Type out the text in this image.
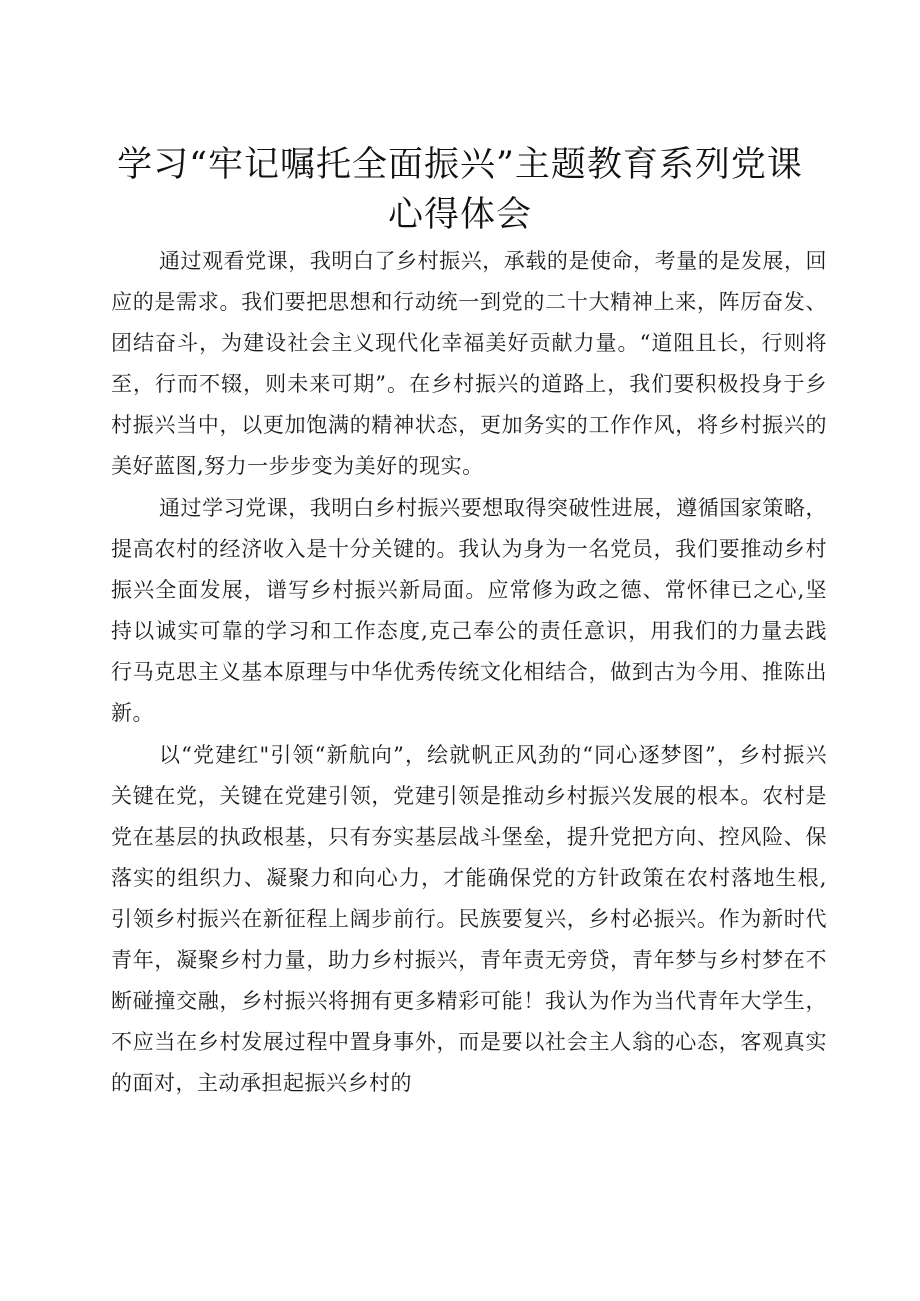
学习“牢记嘱托全面振兴”主题教育系列党课
心得体会

通过观看党课，我明白了乡村振兴，承载的是使命，考量的是发展，回应的是需求。我们要把思想和行动统一到党的二十大精神上来，阵厉奋发、团结奋斗，为建设社会主义现代化幸福美好贡献力量。“道阻且长，行则将至，行而不辍，则未来可期”。在乡村振兴的道路上，我们要积极投身于乡村振兴当中，以更加饱满的精神状态，更加务实的工作作风，将乡村振兴的美好蓝图,努力一步步变为美好的现实。

通过学习党课，我明白乡村振兴要想取得突破性进展，遵循国家策略，提高农村的经济收入是十分关键的。我认为身为一名党员，我们要推动乡村振兴全面发展，谱写乡村振兴新局面。应常修为政之德、常怀律已之心,坚持以诚实可靠的学习和工作态度,克己奉公的责任意识，用我们的力量去践行马克思主义基本原理与中华优秀传统文化相结合，做到古为今用、推陈出新。

以“党建红"引领“新航向”，绘就帆正风劲的“同心逐梦图”，乡村振兴关键在党，关键在党建引领，党建引领是推动乡村振兴发展的根本。农村是党在基层的执政根基，只有夯实基层战斗堡垒，提升党把方向、控风险、保落实的组织力、凝聚力和向心力，才能确保党的方针政策在农村落地生根,引领乡村振兴在新征程上阔步前行。民族要复兴，乡村必振兴。作为新时代青年，凝聚乡村力量，助力乡村振兴，青年责无旁贷，青年梦与乡村梦在不断碰撞交融，乡村振兴将拥有更多精彩可能！我认为作为当代青年大学生，不应当在乡村发展过程中置身事外，而是要以社会主人翁的心态，客观真实的面对，主动承担起振兴乡村的
